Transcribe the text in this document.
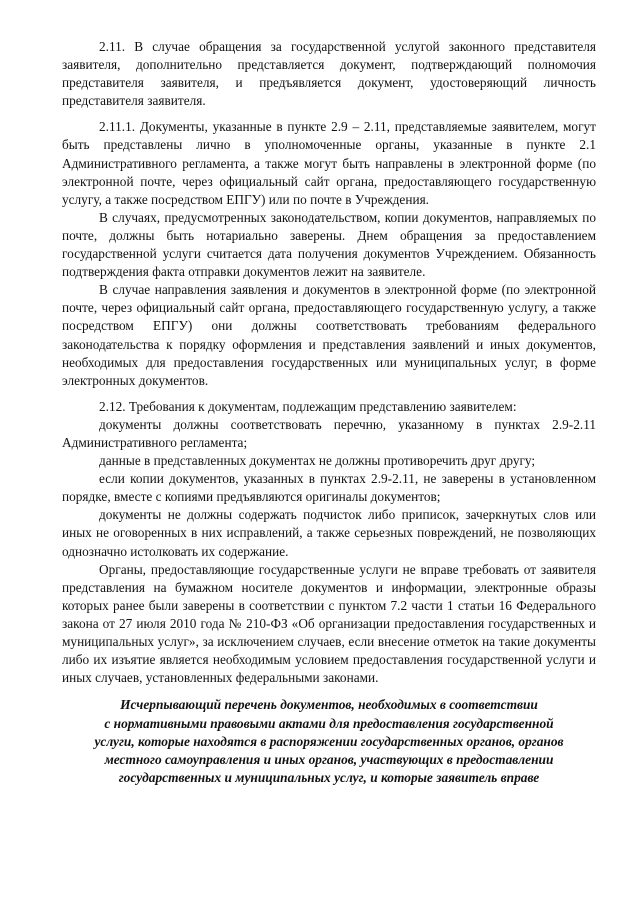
2.11. В случае обращения за государственной услугой законного представителя заявителя, дополнительно представляется документ, подтверждающий полномочия представителя заявителя, и предъявляется документ, удостоверяющий личность представителя заявителя.

2.11.1. Документы, указанные в пункте 2.9 – 2.11, представляемые заявителем, могут быть представлены лично в уполномоченные органы, указанные в пункте 2.1 Административного регламента, а также могут быть направлены в электронной форме (по электронной почте, через официальный сайт органа, предоставляющего государственную услугу, а также посредством ЕПГУ) или по почте в Учреждения.

В случаях, предусмотренных законодательством, копии документов, направляемых по почте, должны быть нотариально заверены. Днем обращения за предоставлением государственной услуги считается дата получения документов Учреждением. Обязанность подтверждения факта отправки документов лежит на заявителе.

В случае направления заявления и документов в электронной форме (по электронной почте, через официальный сайт органа, предоставляющего государственную услугу, а также посредством ЕПГУ) они должны соответствовать требованиям федерального законодательства к порядку оформления и представления заявлений и иных документов, необходимых для предоставления государственных или муниципальных услуг, в форме электронных документов.

2.12. Требования к документам, подлежащим представлению заявителем:

документы должны соответствовать перечню, указанному в пунктах 2.9-2.11 Административного регламента;

данные в представленных документах не должны противоречить друг другу;

если копии документов, указанных в пунктах 2.9-2.11, не заверены в установленном порядке, вместе с копиями предъявляются оригиналы документов;

документы не должны содержать подчисток либо приписок, зачеркнутых слов или иных не оговоренных в них исправлений, а также серьезных повреждений, не позволяющих однозначно истолковать их содержание.

Органы, предоставляющие государственные услуги не вправе требовать от заявителя представления на бумажном носителе документов и информации, электронные образы которых ранее были заверены в соответствии с пунктом 7.2 части 1 статьи 16 Федерального закона от 27 июля 2010 года № 210-ФЗ «Об организации предоставления государственных и муниципальных услуг», за исключением случаев, если внесение отметок на такие документы либо их изъятие является необходимым условием предоставления государственной услуги и иных случаев, установленных федеральными законами.

Исчерпывающий перечень документов, необходимых в соответствии
с нормативными правовыми актами для предоставления государственной
услуги, которые находятся в распоряжении государственных органов, органов
местного самоуправления и иных органов, участвующих в предоставлении
государственных и муниципальных услуг, и которые заявитель вправе
